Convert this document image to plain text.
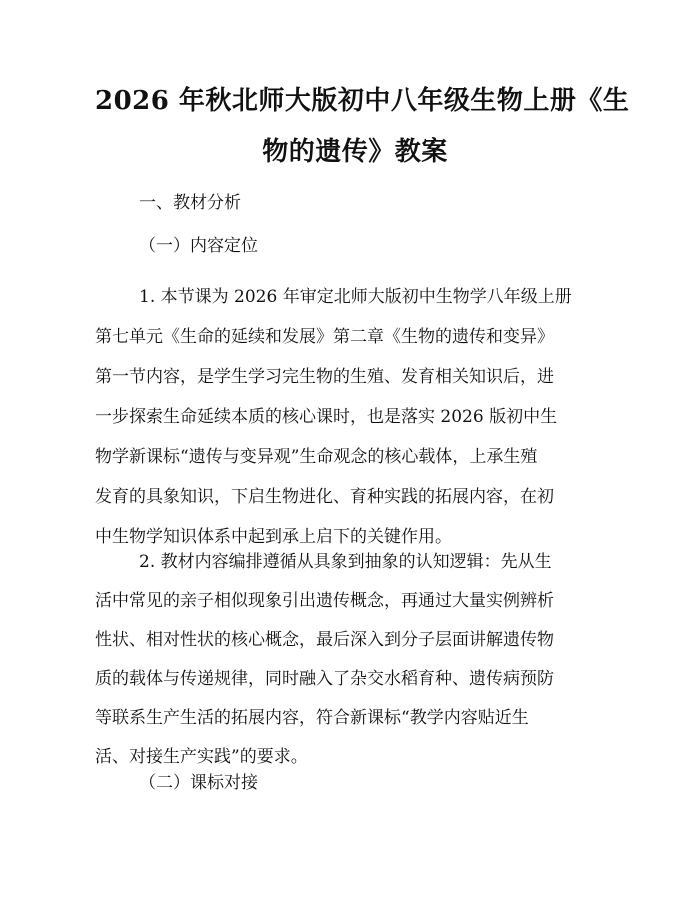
2026 年秋北师大版初中八年级生物上册《生
物的遗传》教案
一、教材分析
（一）内容定位
1. 本节课为 2026 年审定北师大版初中生物学八年级上册
第七单元《生命的延续和发展》第二章《生物的遗传和变异》
第一节内容，是学生学习完生物的生殖、发育相关知识后，进
一步探索生命延续本质的核心课时，也是落实 2026 版初中生
物学新课标“遗传与变异观”生命观念的核心载体，上承生殖
发育的具象知识，下启生物进化、育种实践的拓展内容，在初
中生物学知识体系中起到承上启下的关键作用。
2. 教材内容编排遵循从具象到抽象的认知逻辑：先从生
活中常见的亲子相似现象引出遗传概念，再通过大量实例辨析
性状、相对性状的核心概念，最后深入到分子层面讲解遗传物
质的载体与传递规律，同时融入了杂交水稻育种、遗传病预防
等联系生产生活的拓展内容，符合新课标“教学内容贴近生
活、对接生产实践”的要求。
（二）课标对接
